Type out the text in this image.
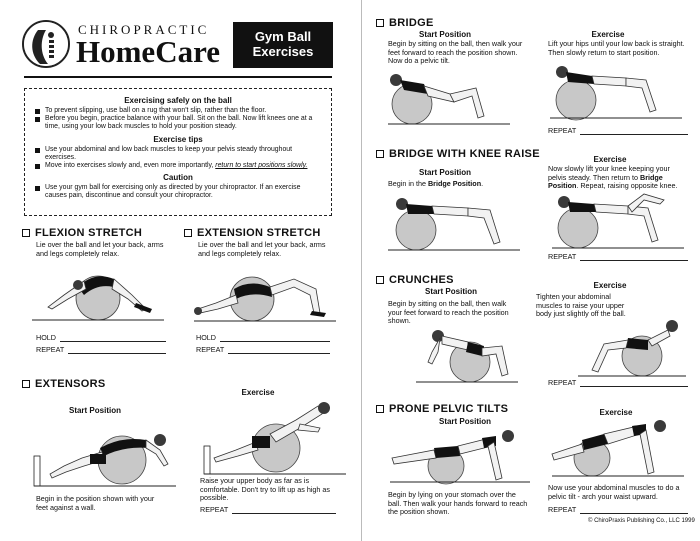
CHIROPRACTIC
HomeCare	Gym Ball
Exercises
Exercising safely on the ball
To prevent slipping, use ball on a rug that won't slip, rather than the floor.
Before you begin, practice balance with your ball. Sit on the ball. Now lift knees one at a time, using your low back muscles to hold your position steady.
Exercise tips
Use your abdominal and low back muscles to keep your pelvis steady throughout exercises.
Move into exercises slowly and, even more importantly, return to start positions slowly.
Caution
Use your gym ball for exercising only as directed by your chiropractor. If an exercise causes pain, discontinue and consult your chiropractor.
FLEXION STRETCH
Lie over the ball and let your back, arms and legs completely relax.
HOLD
REPEAT
EXTENSION STRETCH
Lie over the ball and let your back, arms and legs completely relax.
HOLD
REPEAT
EXTENSORS
Start Position
Exercise
Begin in the position shown with your feet against a wall.
Raise your upper body as far as is comfortable. Don't try to lift up as high as possible.
REPEAT
BRIDGE
Start Position	Exercise
Begin by sitting on the ball, then walk your feet forward to reach the position shown. Now do a pelvic tilt.
Lift your hips until your low back is straight. Then slowly return to start position.
REPEAT
BRIDGE WITH KNEE RAISE
Start Position
Exercise
Begin in the Bridge Position.
Now slowly lift your knee keeping your pelvis steady. Then return to Bridge Position. Repeat, raising opposite knee.
REPEAT
CRUNCHES
Start Position
Exercise
Begin by sitting on the ball, then walk your feet forward to reach the position shown.
Tighten your abdominal muscles to raise your upper body just slightly off the ball.
REPEAT
PRONE PELVIC TILTS
Start Position
Exercise
Begin by lying on your stomach over the ball. Then walk your hands forward to reach the position shown.
Now use your abdominal muscles to do a pelvic tilt - arch your waist upward.
REPEAT
© ChiroPraxis Publishing Co., LLC 1999
